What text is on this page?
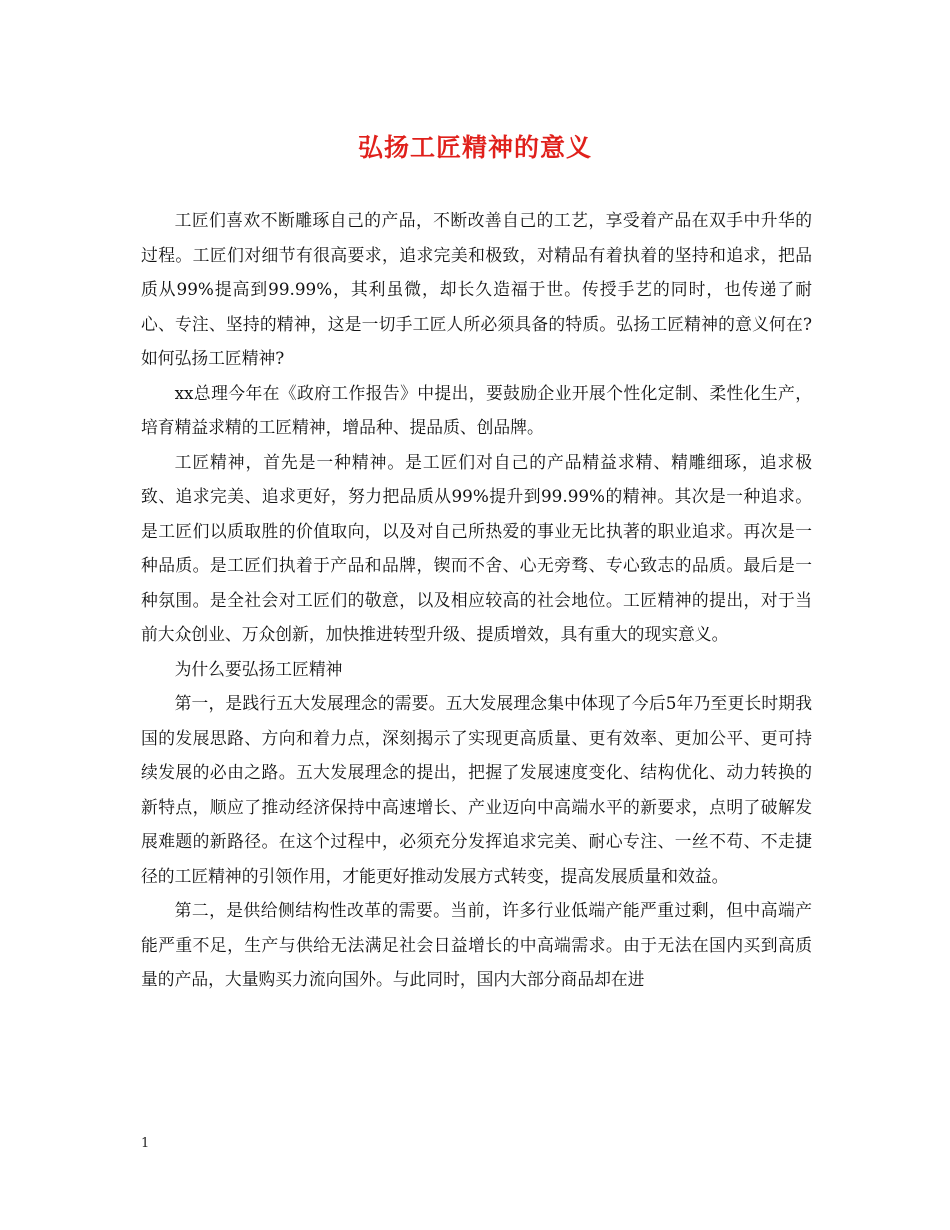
弘扬工匠精神的意义

工匠们喜欢不断雕琢自己的产品，不断改善自己的工艺，享受着产品在双手中升华的过程。工匠们对细节有很高要求，追求完美和极致，对精品有着执着的坚持和追求，把品质从99%提高到99.99%，其利虽微，却长久造福于世。传授手艺的同时，也传递了耐心、专注、坚持的精神，这是一切手工匠人所必须具备的特质。弘扬工匠精神的意义何在?如何弘扬工匠精神?

xx总理今年在《政府工作报告》中提出，要鼓励企业开展个性化定制、柔性化生产，培育精益求精的工匠精神，增品种、提品质、创品牌。

工匠精神，首先是一种精神。是工匠们对自己的产品精益求精、精雕细琢，追求极致、追求完美、追求更好，努力把品质从99%提升到99.99%的精神。其次是一种追求。是工匠们以质取胜的价值取向，以及对自己所热爱的事业无比执著的职业追求。再次是一种品质。是工匠们执着于产品和品牌，锲而不舍、心无旁骛、专心致志的品质。最后是一种氛围。是全社会对工匠们的敬意，以及相应较高的社会地位。工匠精神的提出，对于当前大众创业、万众创新，加快推进转型升级、提质增效，具有重大的现实意义。

为什么要弘扬工匠精神

第一，是践行五大发展理念的需要。五大发展理念集中体现了今后5年乃至更长时期我国的发展思路、方向和着力点，深刻揭示了实现更高质量、更有效率、更加公平、更可持续发展的必由之路。五大发展理念的提出，把握了发展速度变化、结构优化、动力转换的新特点，顺应了推动经济保持中高速增长、产业迈向中高端水平的新要求，点明了破解发展难题的新路径。在这个过程中，必须充分发挥追求完美、耐心专注、一丝不苟、不走捷径的工匠精神的引领作用，才能更好推动发展方式转变，提高发展质量和效益。

第二，是供给侧结构性改革的需要。当前，许多行业低端产能严重过剩，但中高端产能严重不足，生产与供给无法满足社会日益增长的中高端需求。由于无法在国内买到高质量的产品，大量购买力流向国外。与此同时，国内大部分商品却在进

1
